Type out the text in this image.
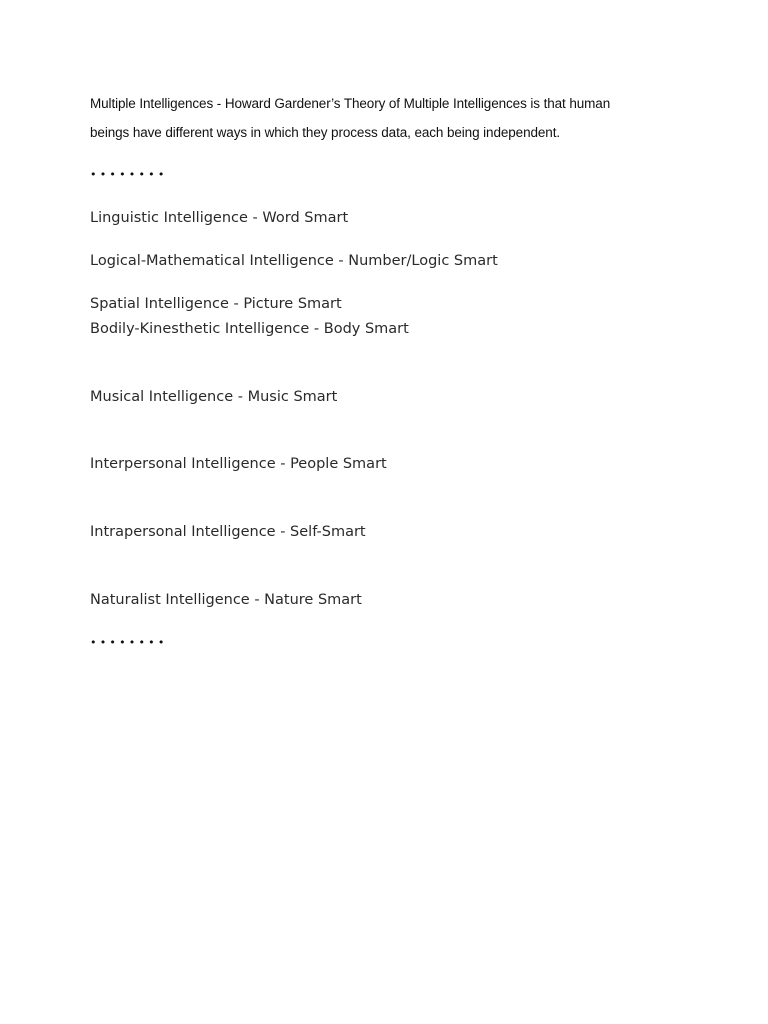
Multiple Intelligences - Howard Gardener’s Theory of Multiple Intelligences is that human
beings have different ways in which they process data, each being independent.

••••••••

Linguistic Intelligence - Word Smart

Logical-Mathematical Intelligence - Number/Logic Smart

Spatial Intelligence - Picture Smart

Bodily-Kinesthetic Intelligence - Body Smart

Musical Intelligence - Music Smart

Interpersonal Intelligence - People Smart

Intrapersonal Intelligence - Self-Smart

Naturalist Intelligence - Nature Smart

••••••••
